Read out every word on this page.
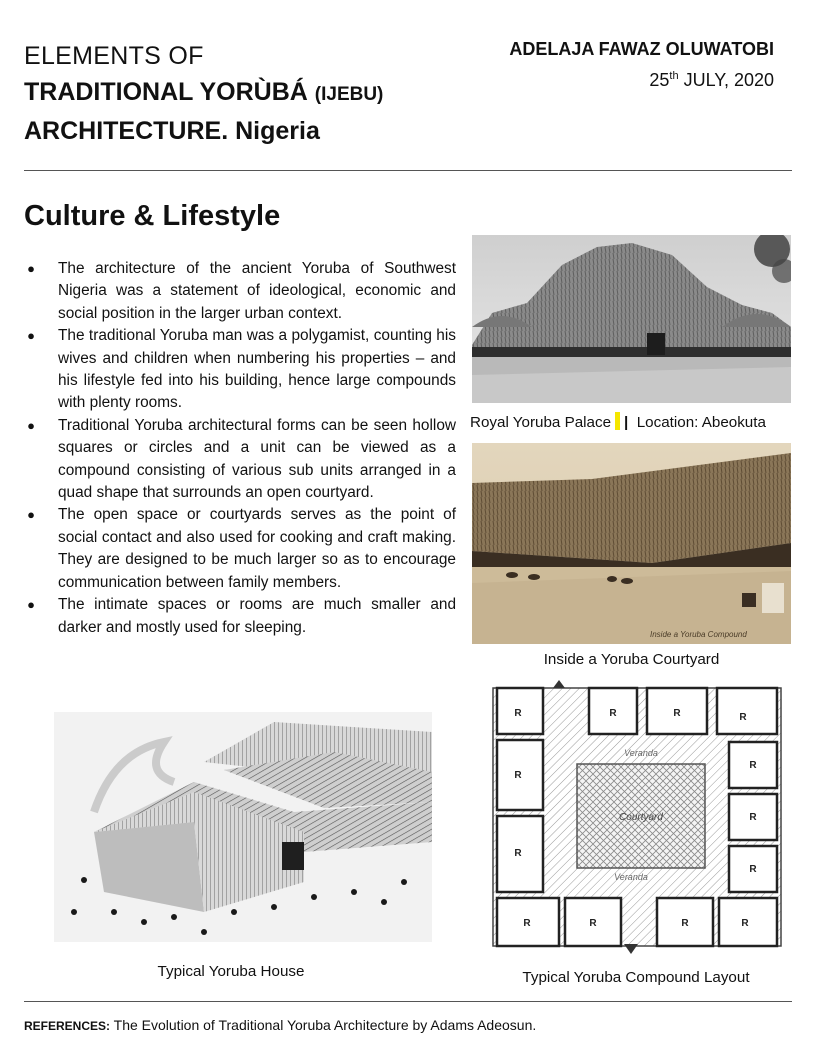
ELEMENTS OF
TRADITIONAL YORÙBÁ (IJEBU)
ARCHITECTURE. Nigeria
ADELAJA FAWAZ OLUWATOBI
25th JULY, 2020
Culture & Lifestyle
● The architecture of the ancient Yoruba of Southwest Nigeria was a statement of ideological, economic and social position in the larger urban context.
● The traditional Yoruba man was a polygamist, counting his wives and children when numbering his properties – and his lifestyle fed into his building, hence large compounds with plenty rooms.
● Traditional Yoruba architectural forms can be seen hollow squares or circles and a unit can be viewed as a compound consisting of various sub units arranged in a quad shape that surrounds an open courtyard.
● The open space or courtyards serves as the point of social contact and also used for cooking and craft making. They are designed to be much larger so as to encourage communication between family members.
● The intimate spaces or rooms are much smaller and darker and mostly used for sleeping.
Royal Yoruba Palace | Location: Abeokuta
Inside a Yoruba Compound
Inside a Yoruba Courtyard
Typical Yoruba House
R	R	R	R
R
R
R	R	R	R
R
R
R
Veranda
Veranda
Courtyard
Typical Yoruba Compound Layout
REFERENCES: The Evolution of Traditional Yoruba Architecture by Adams Adeosun.
